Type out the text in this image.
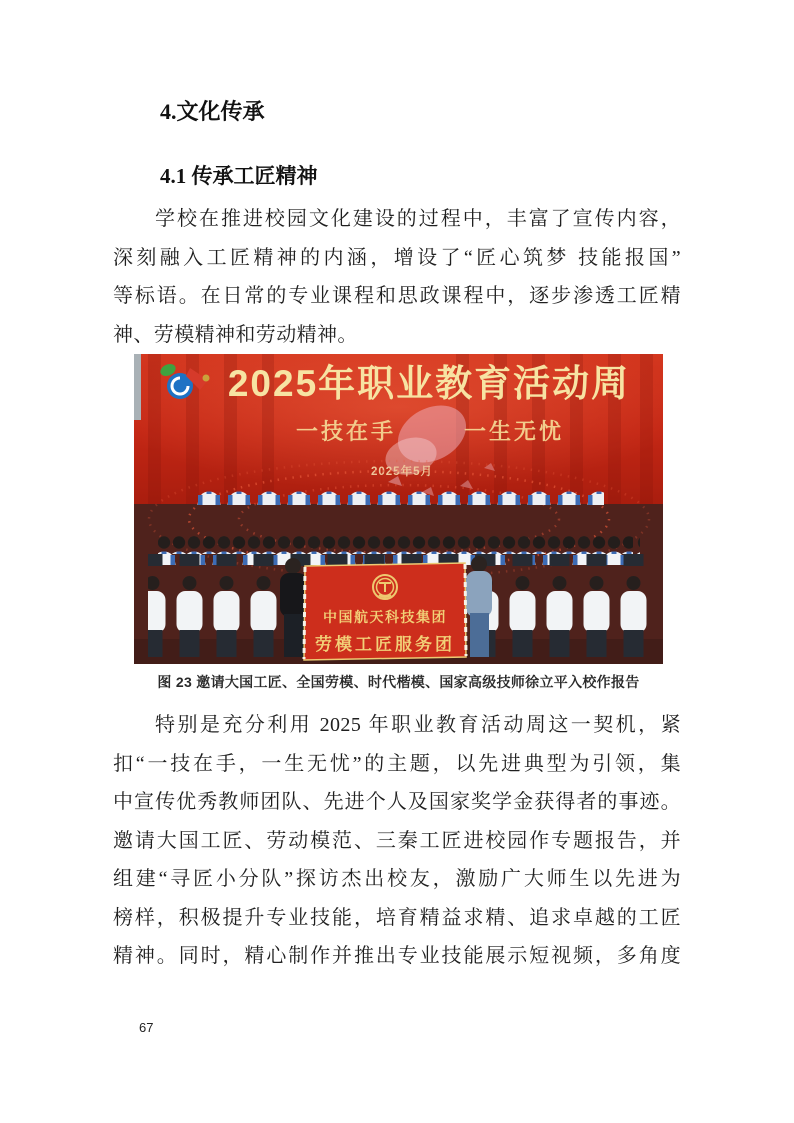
4.文化传承
4.1 传承工匠精神
学校在推进校园文化建设的过程中，丰富了宣传内容，
深刻融入工匠精神的内涵，增设了“匠心筑梦 技能报国”
等标语。在日常的专业课程和思政课程中，逐步渗透工匠精
神、劳模精神和劳动精神。
2025年职业教育活动周
一技在手	一生无忧
2025年5月
中国航天科技集团
劳模工匠服务团
图 23 邀请大国工匠、全国劳模、时代楷模、国家高级技师徐立平入校作报告
特别是充分利用 2025 年职业教育活动周这一契机，紧
扣“一技在手，一生无忧”的主题，以先进典型为引领，集
中宣传优秀教师团队、先进个人及国家奖学金获得者的事迹。
邀请大国工匠、劳动模范、三秦工匠进校园作专题报告，并
组建“寻匠小分队”探访杰出校友，激励广大师生以先进为
榜样，积极提升专业技能，培育精益求精、追求卓越的工匠
精神。同时，精心制作并推出专业技能展示短视频，多角度
67
